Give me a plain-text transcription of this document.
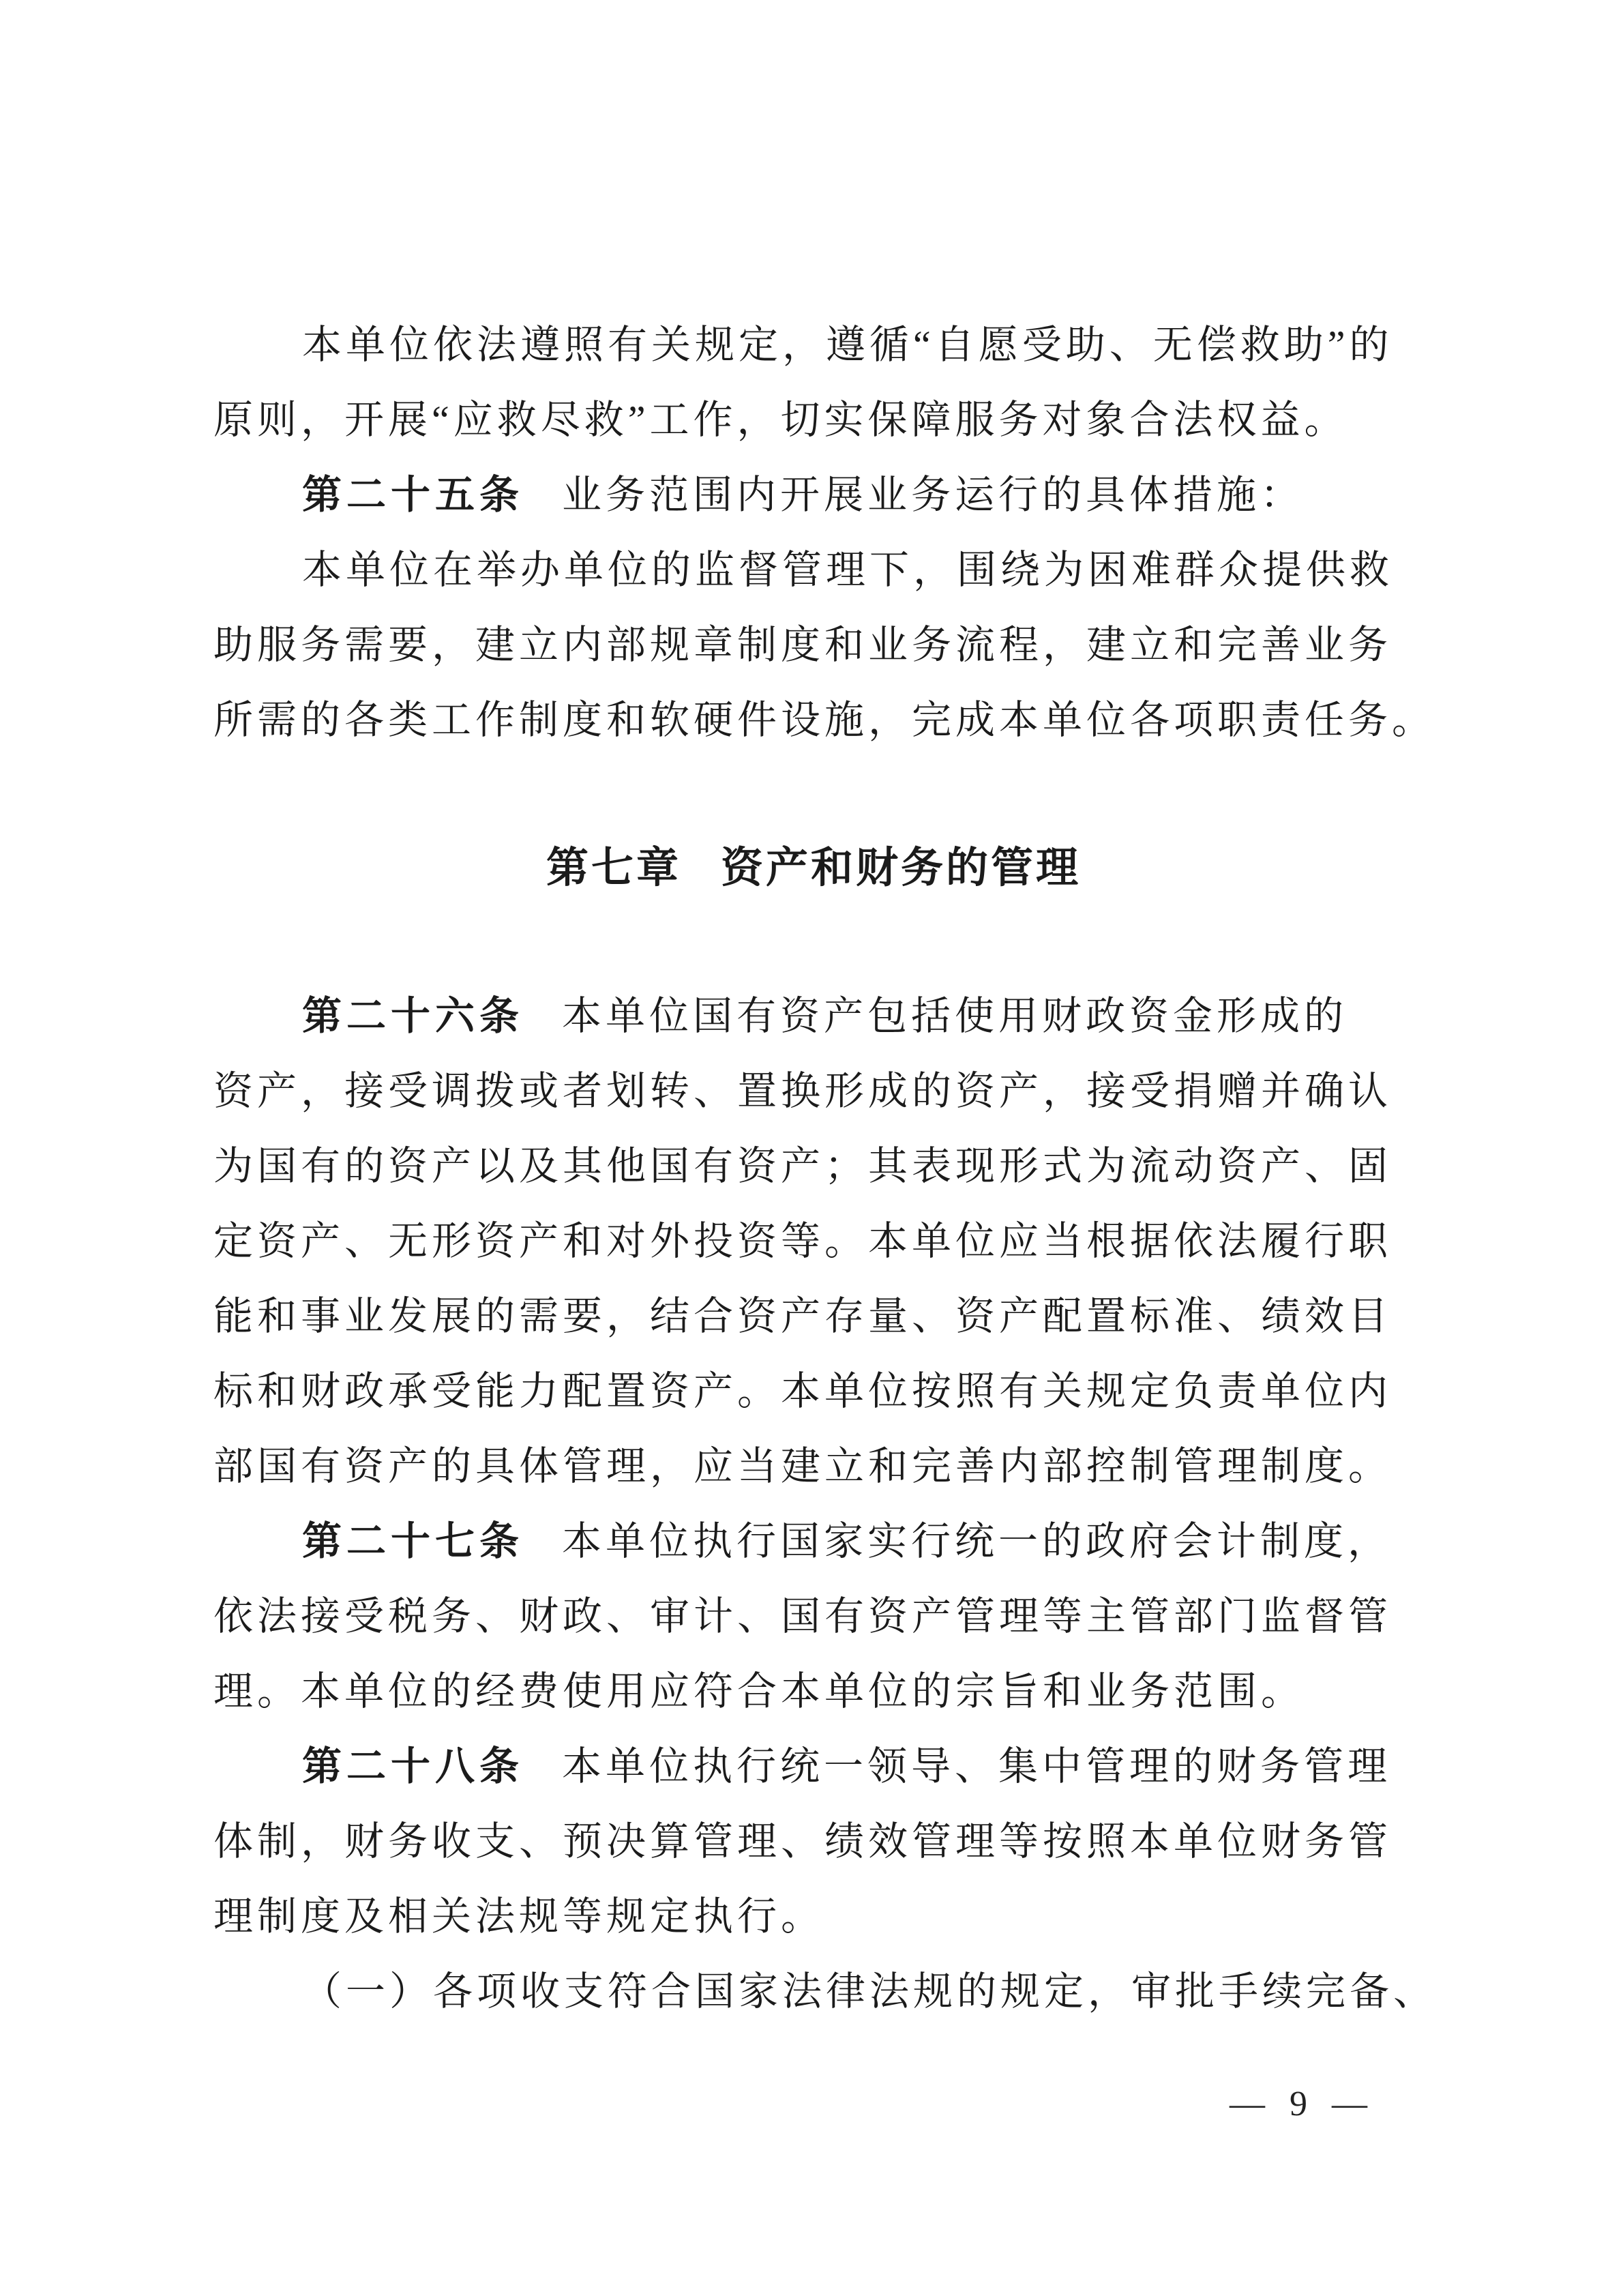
本单位依法遵照有关规定，遵循“自愿受助、无偿救助”的
原则，开展“应救尽救”工作，切实保障服务对象合法权益。
第二十五条 业务范围内开展业务运行的具体措施：
本单位在举办单位的监督管理下，围绕为困难群众提供救
助服务需要，建立内部规章制度和业务流程，建立和完善业务
所需的各类工作制度和软硬件设施，完成本单位各项职责任务。
第七章 资产和财务的管理
第二十六条 本单位国有资产包括使用财政资金形成的
资产，接受调拨或者划转、置换形成的资产，接受捐赠并确认
为国有的资产以及其他国有资产；其表现形式为流动资产、固
定资产、无形资产和对外投资等。本单位应当根据依法履行职
能和事业发展的需要，结合资产存量、资产配置标准、绩效目
标和财政承受能力配置资产。本单位按照有关规定负责单位内
部国有资产的具体管理，应当建立和完善内部控制管理制度。
第二十七条 本单位执行国家实行统一的政府会计制度，
依法接受税务、财政、审计、国有资产管理等主管部门监督管
理。本单位的经费使用应符合本单位的宗旨和业务范围。
第二十八条 本单位执行统一领导、集中管理的财务管理
体制，财务收支、预决算管理、绩效管理等按照本单位财务管
理制度及相关法规等规定执行。
（一）各项收支符合国家法律法规的规定，审批手续完备、
— 9 —
